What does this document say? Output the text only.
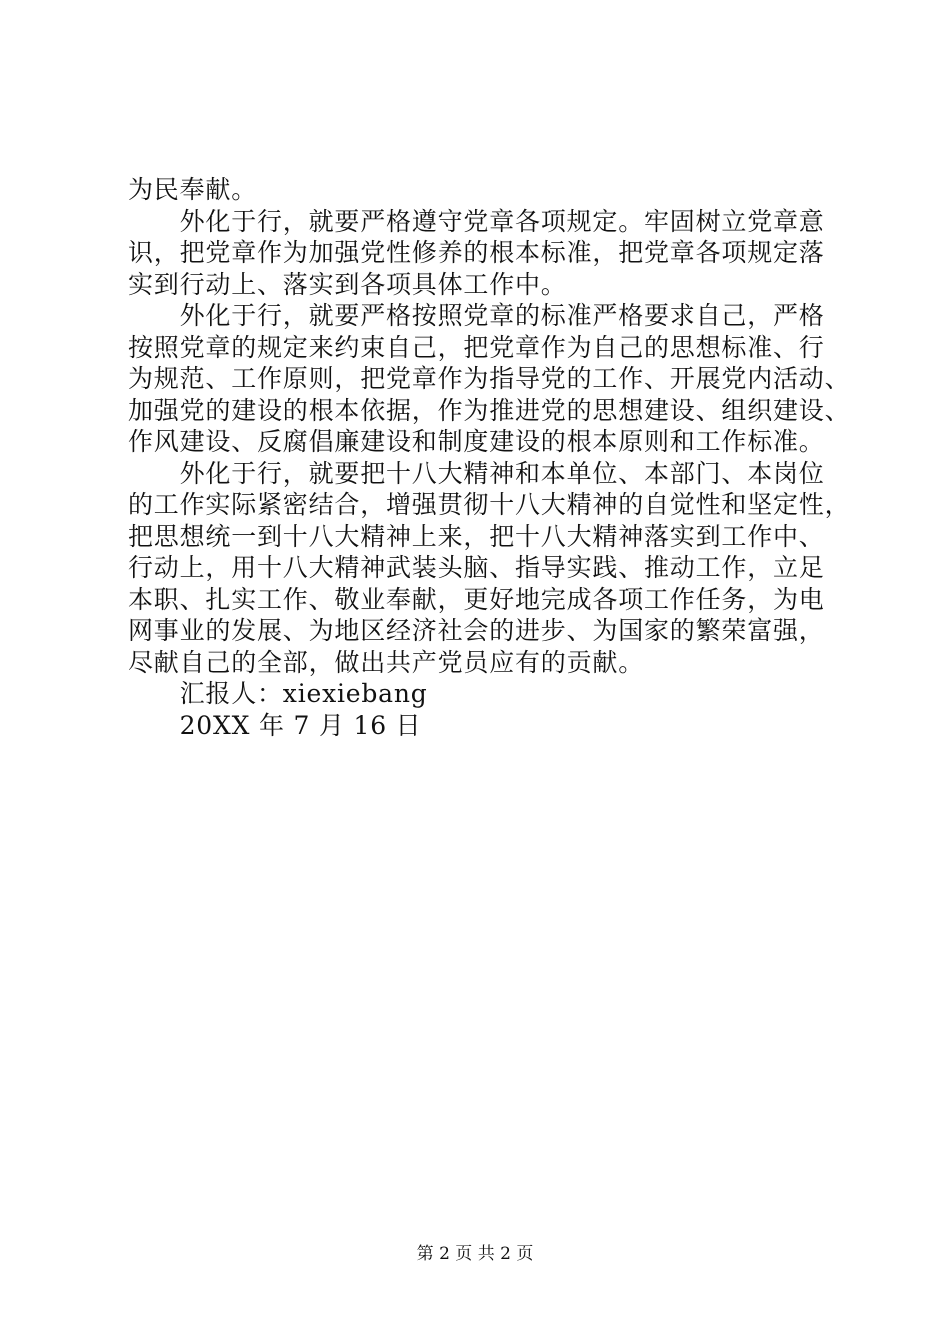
为民奉献。
　　外化于行，就要严格遵守党章各项规定。牢固树立党章意
识，把党章作为加强党性修养的根本标准，把党章各项规定落
实到行动上、落实到各项具体工作中。
　　外化于行，就要严格按照党章的标准严格要求自己，严格
按照党章的规定来约束自己，把党章作为自己的思想标准、行
为规范、工作原则，把党章作为指导党的工作、开展党内活动、
加强党的建设的根本依据，作为推进党的思想建设、组织建设、
作风建设、反腐倡廉建设和制度建设的根本原则和工作标准。
　　外化于行，就要把十八大精神和本单位、本部门、本岗位
的工作实际紧密结合，增强贯彻十八大精神的自觉性和坚定性，
把思想统一到十八大精神上来，把十八大精神落实到工作中、
行动上，用十八大精神武装头脑、指导实践、推动工作，立足
本职、扎实工作、敬业奉献，更好地完成各项工作任务，为电
网事业的发展、为地区经济社会的进步、为国家的繁荣富强，
尽献自己的全部，做出共产党员应有的贡献。
　　汇报人：xiexiebang
　　20XX 年 7 月 16 日
第 2 页 共 2 页
